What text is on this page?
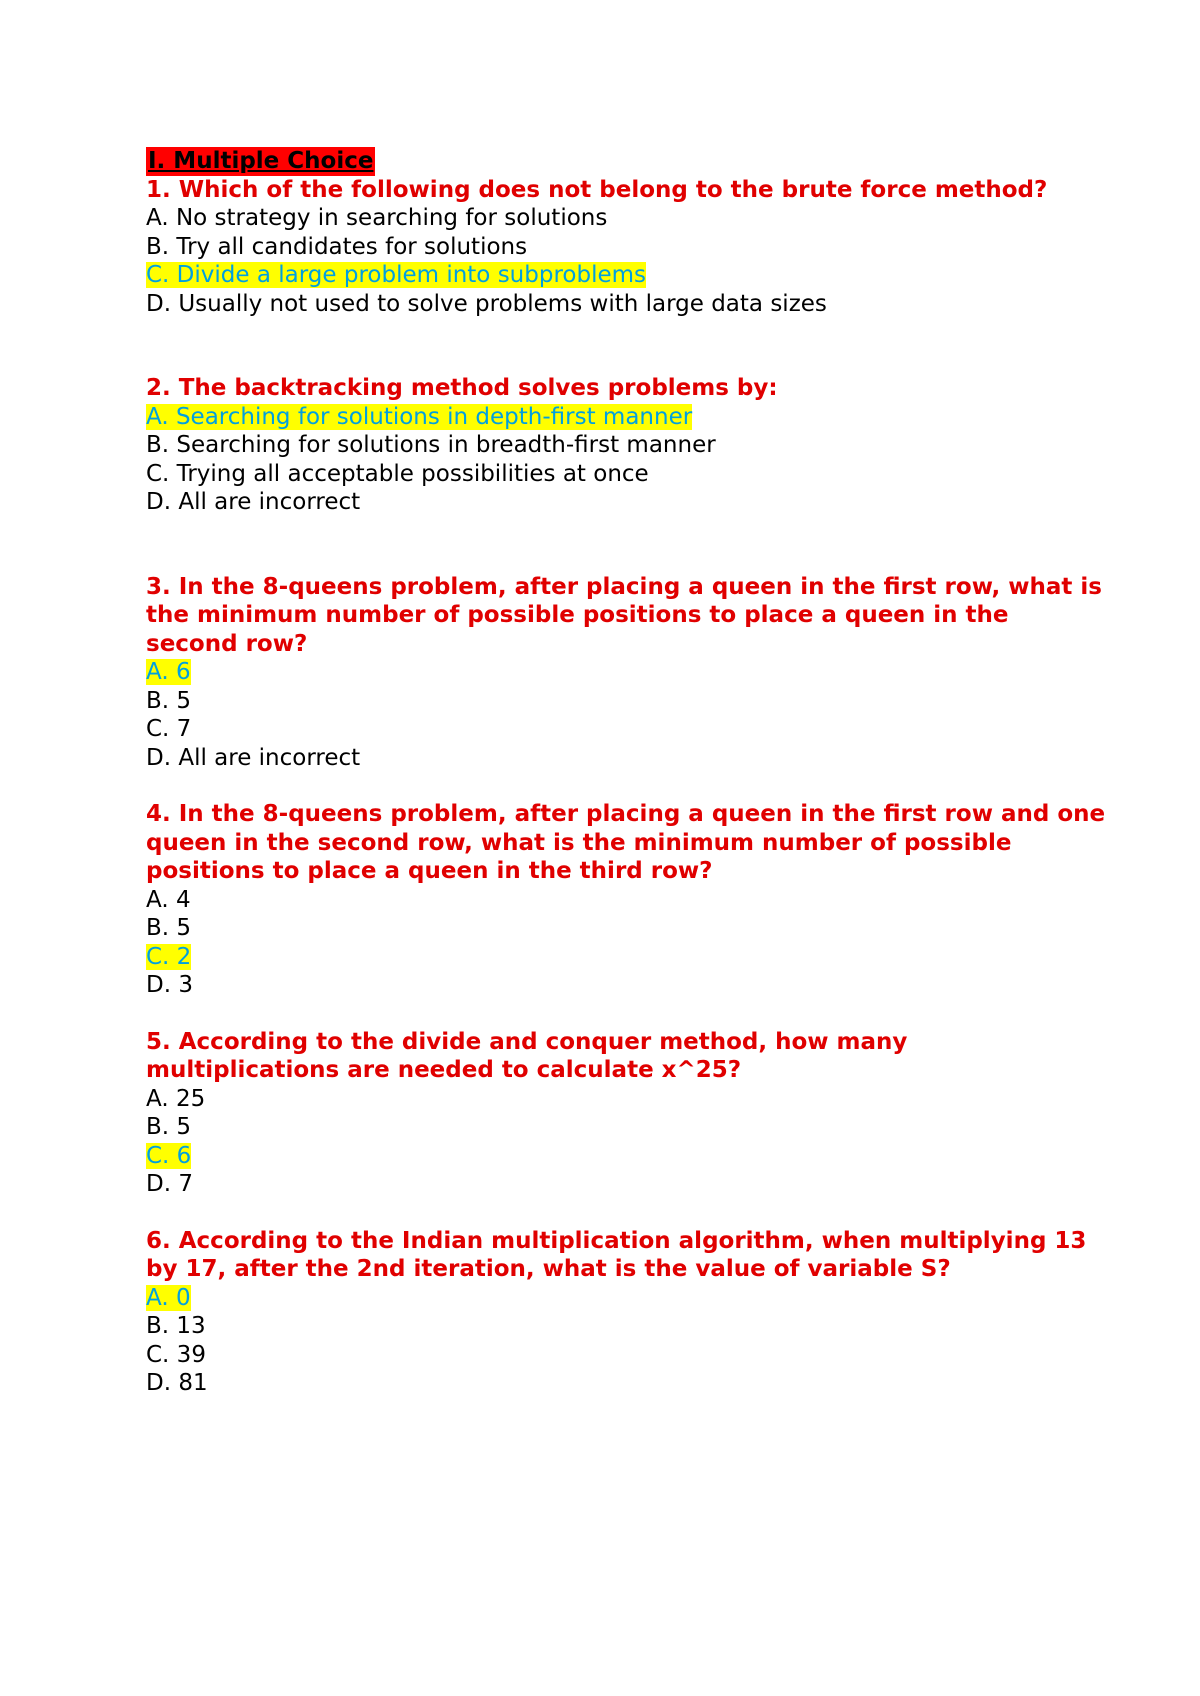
I. Multiple Choice

1. Which of the following does not belong to the brute force method?

A. No strategy in searching for solutions

B. Try all candidates for solutions

C. Divide a large problem into subproblems

D. Usually not used to solve problems with large data sizes

2. The backtracking method solves problems by:

A. Searching for solutions in depth-first manner

B. Searching for solutions in breadth-first manner

C. Trying all acceptable possibilities at once

D. All are incorrect

3. In the 8-queens problem, after placing a queen in the first row, what is the minimum number of possible positions to place a queen in the second row?

A. 6

B. 5

C. 7

D. All are incorrect

4. In the 8-queens problem, after placing a queen in the first row and one queen in the second row, what is the minimum number of possible positions to place a queen in the third row?

A. 4

B. 5

C. 2

D. 3

5. According to the divide and conquer method, how many multiplications are needed to calculate x^25?

A. 25

B. 5

C. 6

D. 7

6. According to the Indian multiplication algorithm, when multiplying 13 by 17, after the 2nd iteration, what is the value of variable S?

A. 0

B. 13

C. 39

D. 81
